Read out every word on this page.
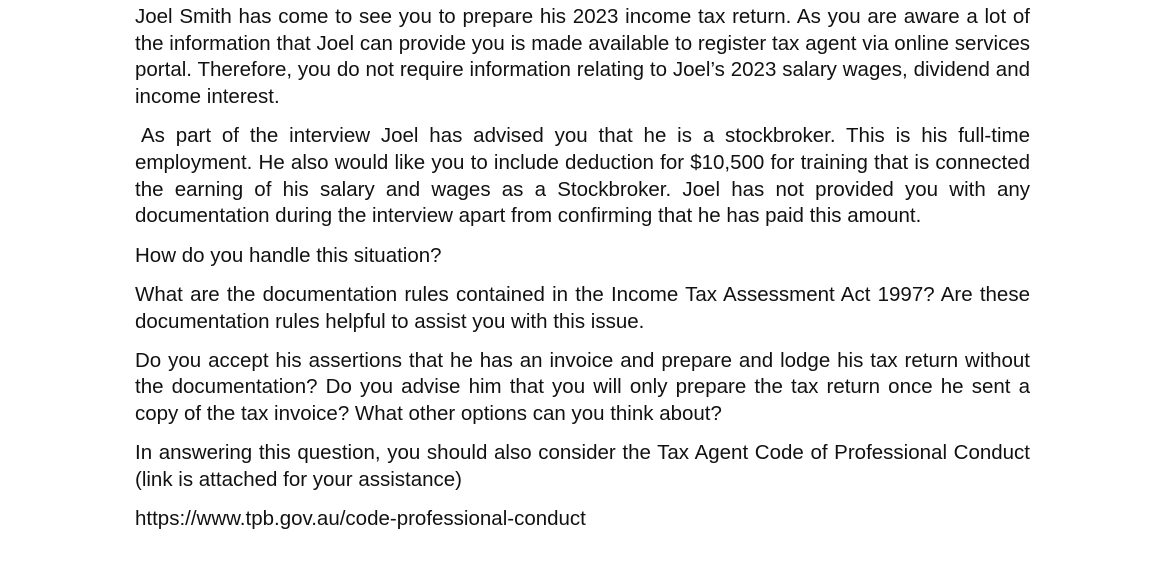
Joel Smith has come to see you to prepare his 2023 income tax return. As you are aware a lot of the information that Joel can provide you is made available to register tax agent via online services portal. Therefore, you do not require information relating to Joel’s 2023 salary wages, dividend and income interest.

As part of the interview Joel has advised you that he is a stockbroker. This is his full-time employment. He also would like you to include deduction for $10,500 for training that is connected the earning of his salary and wages as a Stockbroker. Joel has not provided you with any documentation during the interview apart from confirming that he has paid this amount.

How do you handle this situation?

What are the documentation rules contained in the Income Tax Assessment Act 1997? Are these documentation rules helpful to assist you with this issue.

Do you accept his assertions that he has an invoice and prepare and lodge his tax return without the documentation? Do you advise him that you will only prepare the tax return once he sent a copy of the tax invoice? What other options can you think about?

In answering this question, you should also consider the Tax Agent Code of Professional Conduct (link is attached for your assistance)

https://www.tpb.gov.au/code-professional-conduct
